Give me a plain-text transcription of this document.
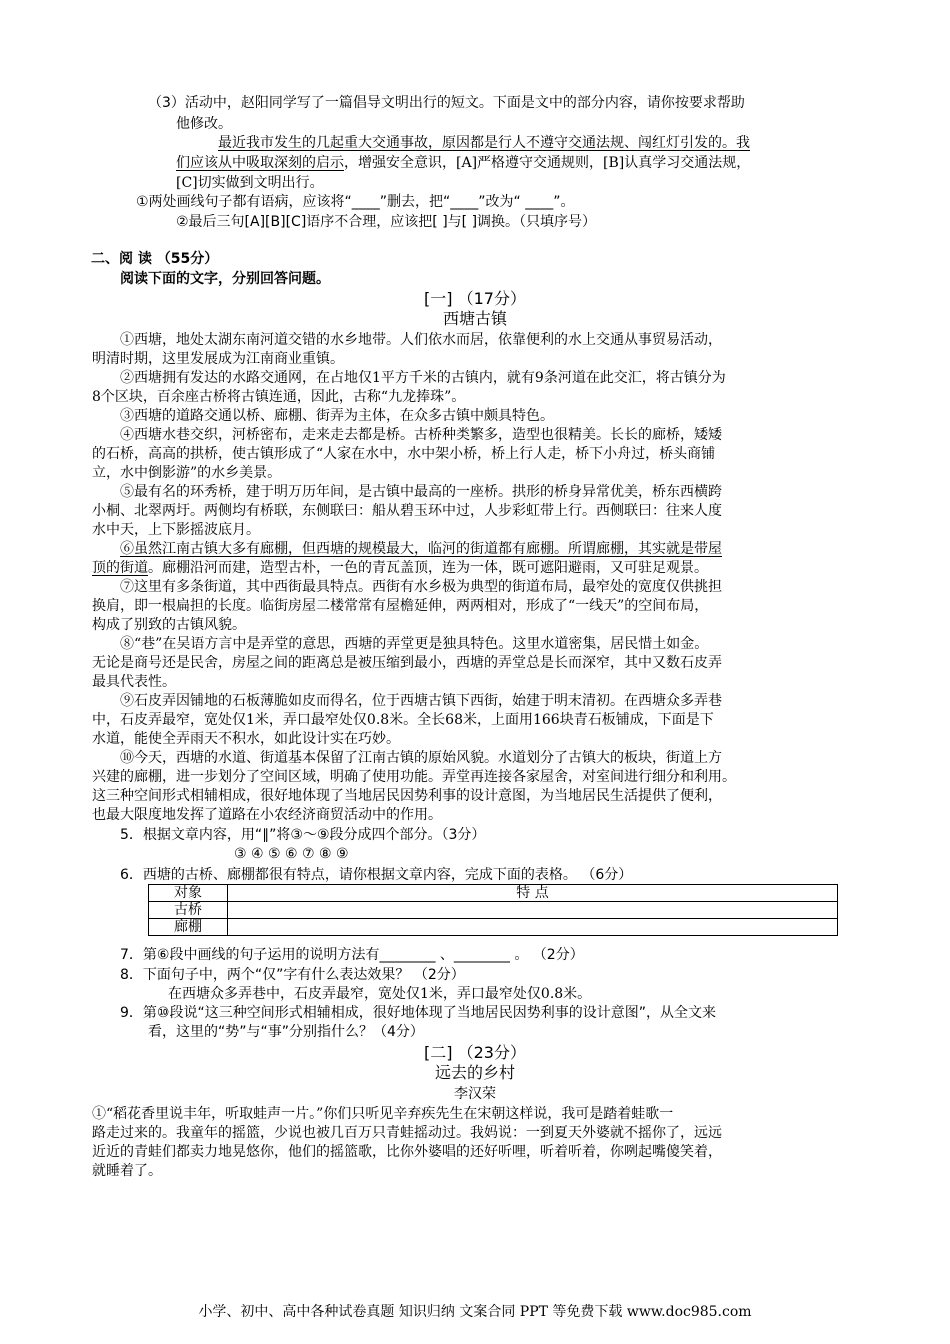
（3）活动中，赵阳同学写了一篇倡导文明出行的短文。下面是文中的部分内容，请你按要求帮助
他修改。
最近我市发生的几起重大交通事故，原因都是行人不遵守交通法规、闯红灯引发的。我
们应该从中吸取深刻的启示，增强安全意识，[A]严格遵守交通规则，[B]认真学习交通法规，
[C]切实做到文明出行。
①两处画线句子都有语病，应该将“____”删去，把“____”改为“ ____”。
②最后三句[A][B][C]语序不合理，应该把[ ]与[ ]调换。（只填序号）
二、阅 读 （55分）
阅读下面的文字，分别回答问题。
[一] （17分）
西塘古镇
①西塘，地处太湖东南河道交错的水乡地带。人们依水而居，依靠便利的水上交通从事贸易活动，
明清时期，这里发展成为江南商业重镇。
②西塘拥有发达的水路交通网，在占地仅1平方千米的古镇内，就有9条河道在此交汇，将古镇分为
8个区块，百余座古桥将古镇连通，因此，古称“九龙捧珠”。
③西塘的道路交通以桥、廊棚、街弄为主体，在众多古镇中颇具特色。
④西塘水巷交织，河桥密布，走来走去都是桥。古桥种类繁多，造型也很精美。长长的廊桥，矮矮
的石桥，高高的拱桥，使古镇形成了“人家在水中，水中架小桥，桥上行人走，桥下小舟过，桥头商铺
立，水中倒影游”的水乡美景。
⑤最有名的环秀桥，建于明万历年间，是古镇中最高的一座桥。拱形的桥身异常优美，桥东西横跨
小桐、北翠两圩。两侧均有桥联，东侧联曰：船从碧玉环中过，人步彩虹带上行。西侧联曰：往来人度
水中天，上下影摇波底月。
⑥虽然江南古镇大多有廊棚，但西塘的规模最大，临河的街道都有廊棚。所谓廊棚，其实就是带屋
顶的街道。廊棚沿河而建，造型古朴，一色的青瓦盖顶，连为一体，既可遮阳避雨，又可驻足观景。
⑦这里有多条街道，其中西街最具特点。西街有水乡极为典型的街道布局，最窄处的宽度仅供挑担
换肩，即一根扁担的长度。临街房屋二楼常常有屋檐延伸，两两相对，形成了“一线天”的空间布局，
构成了别致的古镇风貌。
⑧“巷”在吴语方言中是弄堂的意思，西塘的弄堂更是独具特色。这里水道密集，居民惜土如金。
无论是商号还是民舍，房屋之间的距离总是被压缩到最小，西塘的弄堂总是长而深窄，其中又数石皮弄
最具代表性。
⑨石皮弄因铺地的石板薄脆如皮而得名，位于西塘古镇下西街，始建于明末清初。在西塘众多弄巷
中，石皮弄最窄，宽处仅1米，弄口最窄处仅0.8米。全长68米，上面用166块青石板铺成，下面是下
水道，能使全弄雨天不积水，如此设计实在巧妙。
⑩今天，西塘的水道、街道基本保留了江南古镇的原始风貌。水道划分了古镇大的板块，街道上方
兴建的廊棚，进一步划分了空间区域，明确了使用功能。弄堂再连接各家屋舍，对室间进行细分和利用。
这三种空间形式相辅相成，很好地体现了当地居民因势利事的设计意图，为当地居民生活提供了便利，
也最大限度地发挥了道路在小农经济商贸活动中的作用。
5．根据文章内容，用“∥”将③～⑨段分成四个部分。（3分）
③ ④ ⑤ ⑥ ⑦ ⑧ ⑨
6．西塘的古桥、廊棚都很有特点，请你根据文章内容，完成下面的表格。 （6分）
对象	特 点
古桥	
廊棚	
7．第⑥段中画线的句子运用的说明方法有________ 、________ 。 （2分）
8．下面句子中，两个“仅”字有什么表达效果？ （2分）
在西塘众多弄巷中，石皮弄最窄，宽处仅1米，弄口最窄处仅0.8米。
9．第⑩段说“这三种空间形式相辅相成，很好地体现了当地居民因势利事的设计意图”，从全文来
看，这里的“势”与“事”分别指什么？（4分）
[二] （23分）
远去的乡村
李汉荣
①“稻花香里说丰年，听取蛙声一片。”你们只听见辛弃疾先生在宋朝这样说，我可是踏着蛙歌一
路走过来的。我童年的摇篮，少说也被几百万只青蛙摇动过。我妈说：一到夏天外婆就不摇你了，远远
近近的青蛙们都卖力地晃悠你，他们的摇篮歌，比你外婆唱的还好听哩，听着听着，你咧起嘴傻笑着，
就睡着了。
小学、初中、高中各种试卷真题 知识归纳 文案合同 PPT 等免费下载 www.doc985.com
